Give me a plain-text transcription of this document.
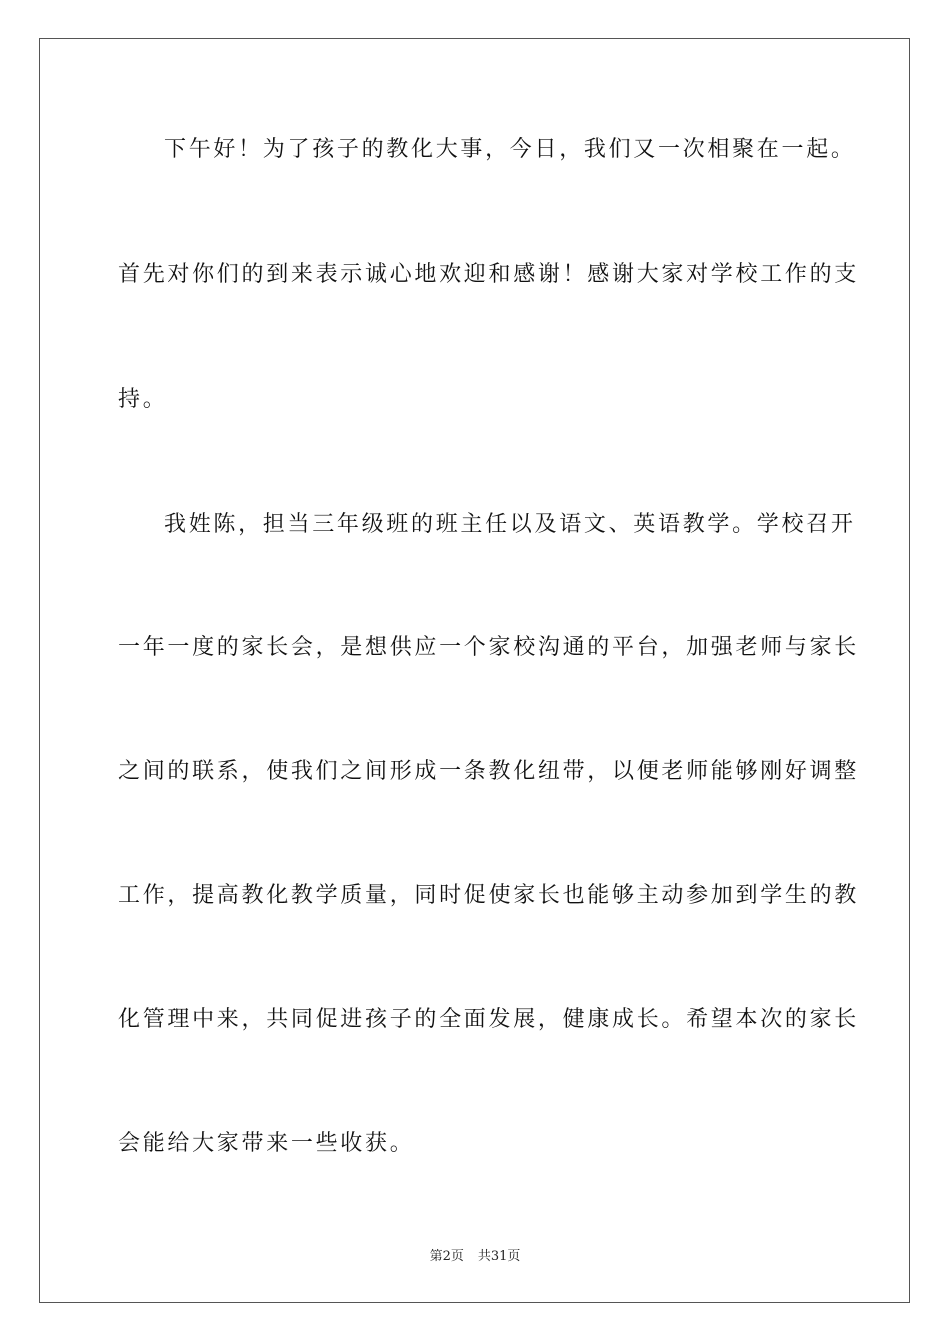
下午好！为了孩子的教化大事，今日，我们又一次相聚在一起。
首先对你们的到来表示诚心地欢迎和感谢！感谢大家对学校工作的支
持。
我姓陈，担当三年级班的班主任以及语文、英语教学。学校召开
一年一度的家长会，是想供应一个家校沟通的平台，加强老师与家长
之间的联系，使我们之间形成一条教化纽带，以便老师能够刚好调整
工作，提高教化教学质量，同时促使家长也能够主动参加到学生的教
化管理中来，共同促进孩子的全面发展，健康成长。希望本次的家长
会能给大家带来一些收获。
第2页 共31页
